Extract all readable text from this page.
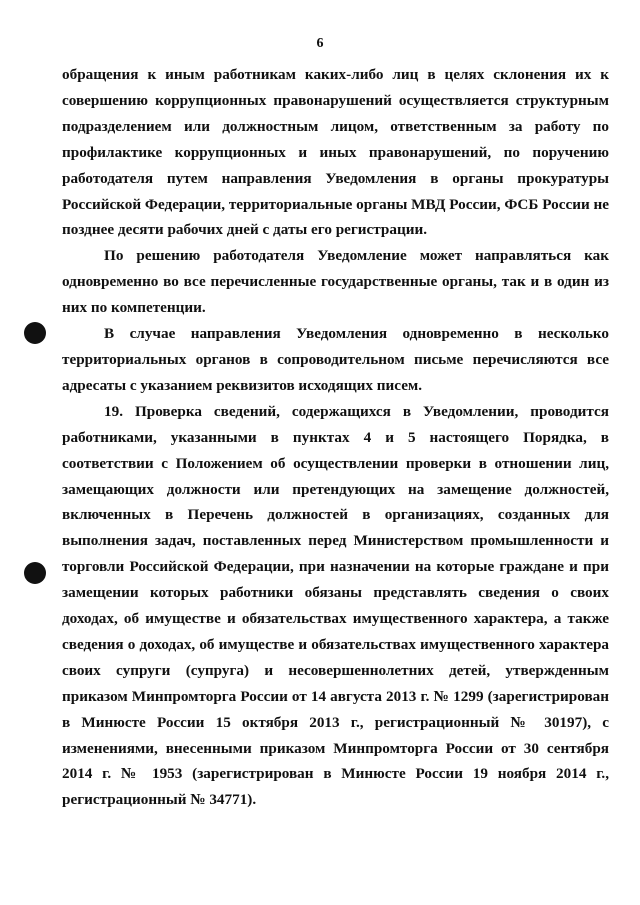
6

обращения к иным работникам каких-либо лиц в целях склонения их к совершению коррупционных правонарушений осуществляется структурным подразделением или должностным лицом, ответственным за работу по профилактике коррупционных и иных правонарушений, по поручению работодателя путем направления Уведомления в органы прокуратуры Российской Федерации, территориальные органы МВД России, ФСБ России не позднее десяти рабочих дней с даты его регистрации.

По решению работодателя Уведомление может направляться как одновременно во все перечисленные государственные органы, так и в один из них по компетенции.

В случае направления Уведомления одновременно в несколько территориальных органов в сопроводительном письме перечисляются все адресаты с указанием реквизитов исходящих писем.

19. Проверка сведений, содержащихся в Уведомлении, проводится работниками, указанными в пунктах 4 и 5 настоящего Порядка, в соответствии с Положением об осуществлении проверки в отношении лиц, замещающих должности или претендующих на замещение должностей, включенных в Перечень должностей в организациях, созданных для выполнения задач, поставленных перед Министерством промышленности и торговли Российской Федерации, при назначении на которые граждане и при замещении которых работники обязаны представлять сведения о своих доходах, об имуществе и обязательствах имущественного характера, а также сведения о доходах, об имуществе и обязательствах имущественного характера своих супруги (супруга) и несовершеннолетних детей, утвержденным приказом Минпромторга России от 14 августа 2013 г. № 1299 (зарегистрирован в Минюсте России 15 октября 2013 г., регистрационный № 30197), с изменениями, внесенными приказом Минпромторга России от 30 сентября 2014 г. № 1953 (зарегистрирован в Минюсте России 19 ноября 2014 г., регистрационный № 34771).
